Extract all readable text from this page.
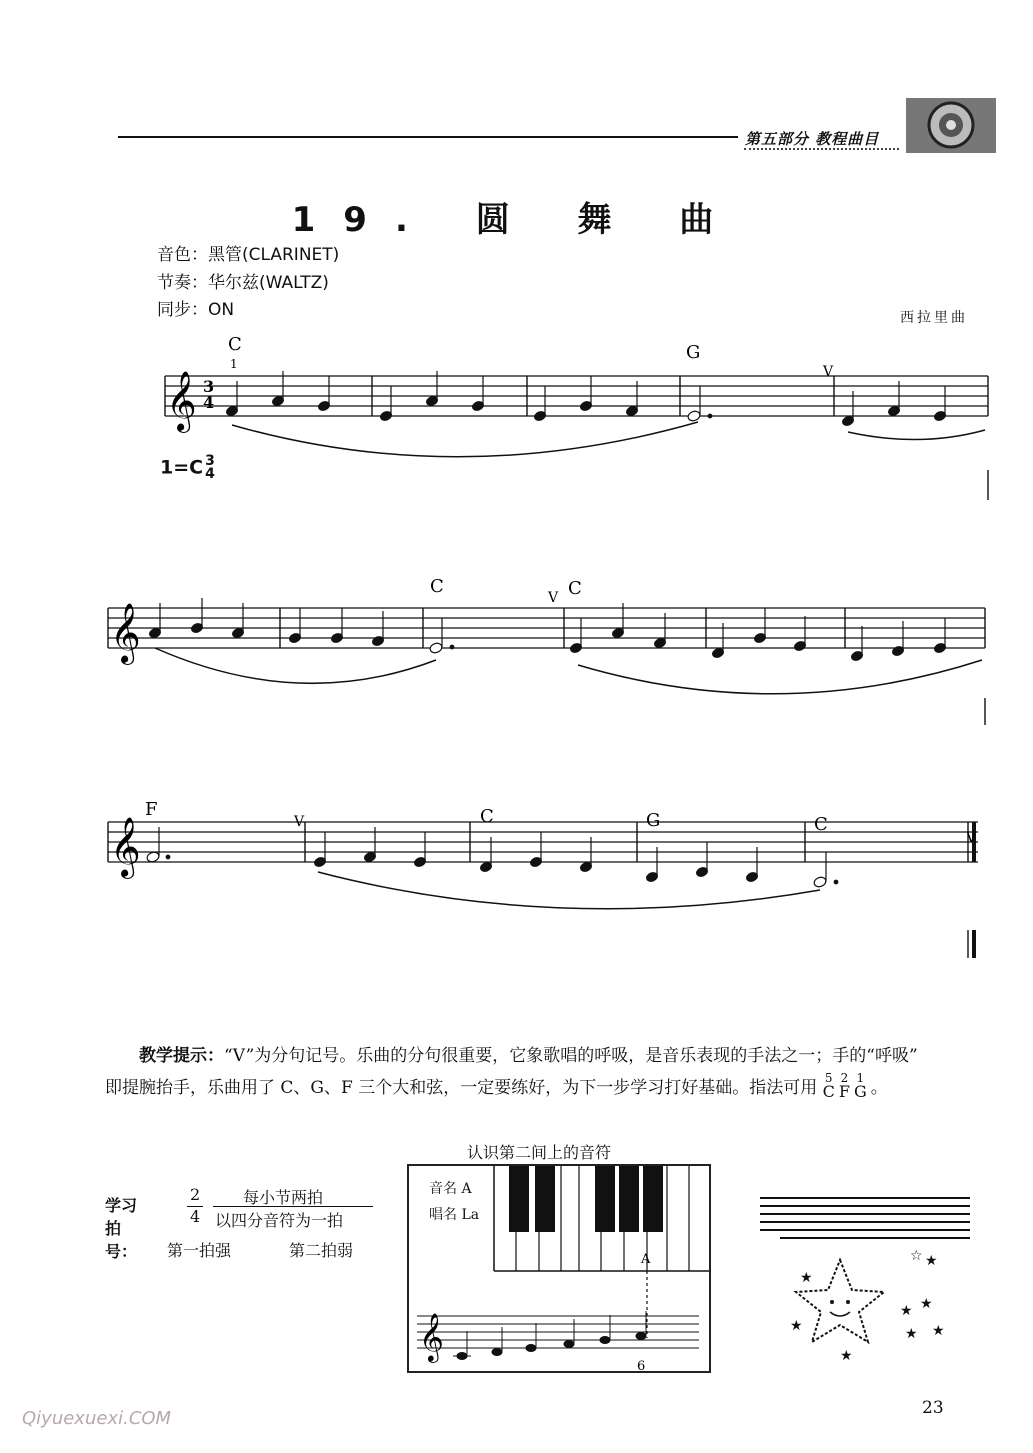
第五部分 教程曲目
19. 圆 舞 曲
音色：黑管(CLARINET)
节奏：华尔兹(WALTZ)
同步：ON	西拉里曲
1=C 3
4
𝄞 3
4
C
1
G
V
𝄞
C
V C
𝄞
F
V	C	G	C
V
教学提示：“V”为分句记号。乐曲的分句很重要，它象歌唱的呼吸，是音乐表现的手法之一；手的“呼吸”
即提腕抬手，乐曲用了 C、G、F 三个大和弦，一定要练好，为下一步学习打好基础。指法可用 5
C
2
F
1
G 。
学习拍号：
2
4
每小节两拍
以四分音符为一拍
第一拍强	第二拍弱
认识第二间上的音符
音名 A
唱名 La
A
𝄞
6
★
★
★ ★
★ ★
★
☆ ★
23
Qiyuexuexi.COM
